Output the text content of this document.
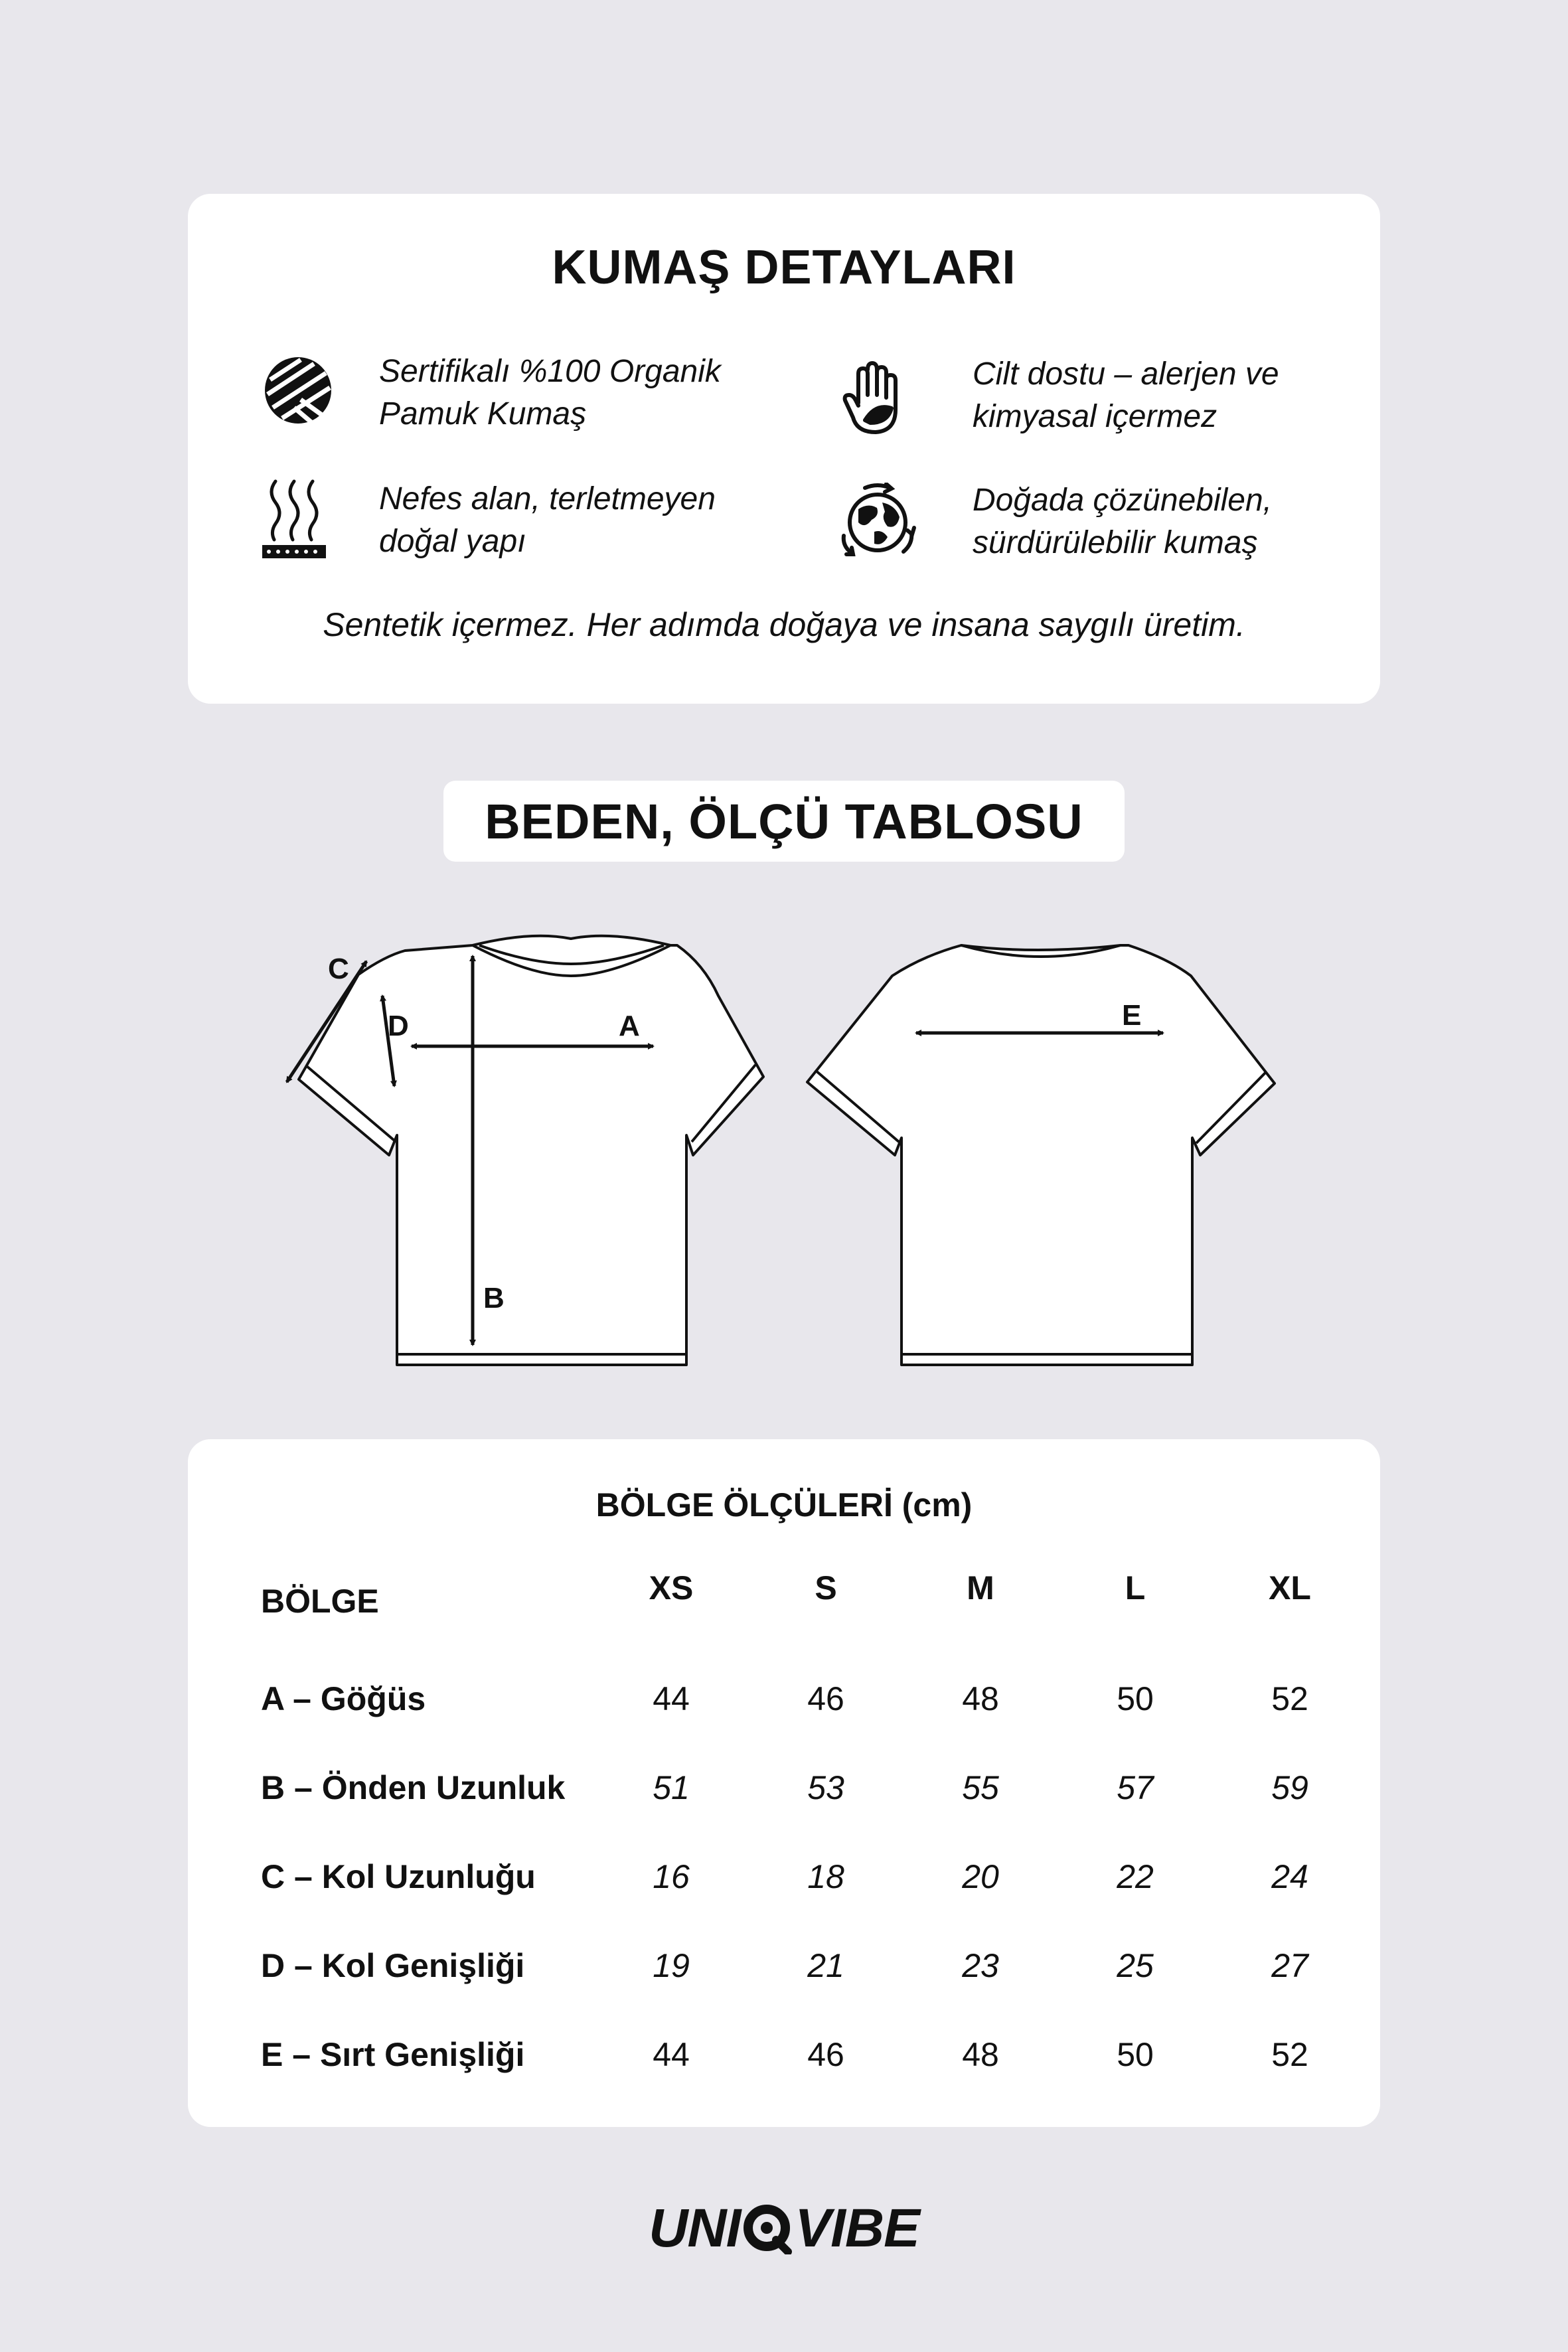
KUMAŞ DETAYLARI
Sertifikalı %100 Organik
Pamuk Kumaş
Cilt dostu – alerjen ve
kimyasal içermez
Nefes alan, terletmeyen
doğal yapı
Doğada çözünebilen,
sürdürülebilir kumaş
Sentetik içermez. Her adımda doğaya ve insana saygılı üretim.
BEDEN, ÖLÇÜ TABLOSU
C
D	A
B
E
BÖLGE ÖLÇÜLERİ (cm)
BÖLGE	XS	S	M	L	XL
A – Göğüs	44	46	48	50	52
B – Önden Uzunluk	51	53	55	57	59
C – Kol Uzunluğu	16	18	20	22	24
D – Kol Genişliği	19	21	23	25	27
E – Sırt Genişliği	44	46	48	50	52
UNI VIBE
